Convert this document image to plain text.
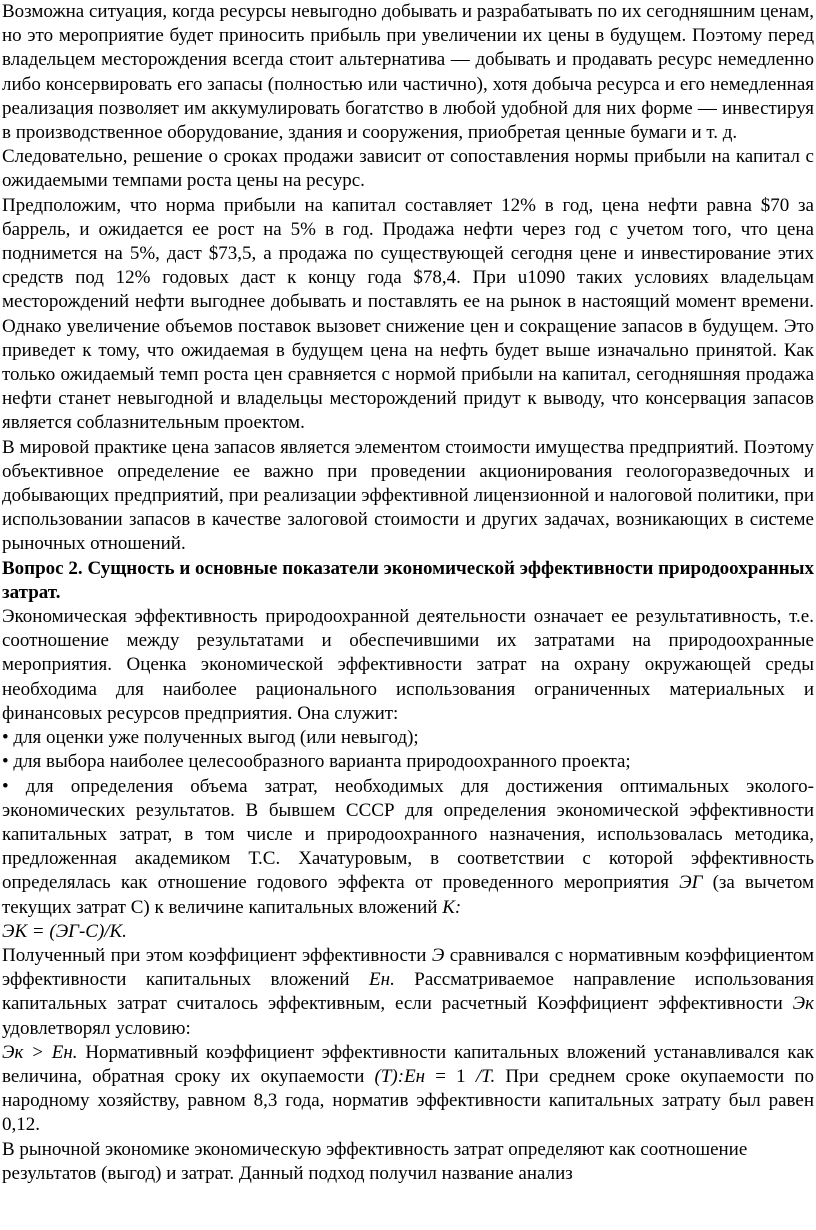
Возможна ситуация, когда ресурсы невыгодно добывать и разрабатывать по их сегодняшним ценам, но это мероприятие будет приносить прибыль при увеличении их цены в будущем. Поэтому перед владельцем месторождения всегда стоит альтернатива — добывать и продавать ресурс немедленно либо консервировать его запасы (полностью или частично), хотя добыча ресурса и его немедленная реализация позволяет им аккумулировать богатство в любой удобной для них форме — инвестируя в производственное оборудование, здания и сооружения, приобретая ценные бумаги и т. д.

Следовательно, решение о сроках продажи зависит от сопоставления нормы прибыли на капитал с ожидаемыми темпами роста цены на ресурс.

Предположим, что норма прибыли на капитал составляет 12% в год, цена нефти равна $70 за баррель, и ожидается ее рост на 5% в год. Продажа нефти через год с учетом того, что цена поднимется на 5%, даст $73,5, а продажа по существующей сегодня цене и инвестирование этих средств под 12% годовых даст к концу года $78,4. При u1090 таких условиях владельцам месторождений нефти выгоднее добывать и поставлять ее на рынок в настоящий момент времени. Однако увеличение объемов поставок вызовет снижение цен и сокращение запасов в будущем. Это приведет к тому, что ожидаемая в будущем цена на нефть будет выше изначально принятой. Как только ожидаемый темп роста цен сравняется с нормой прибыли на капитал, сегодняшняя продажа нефти станет невыгодной и владельцы месторождений придут к выводу, что консервация запасов является соблазнительным проектом.

В мировой практике цена запасов является элементом стоимости имущества предприятий. Поэтому объективное определение ее важно при проведении акционирования геологоразведочных и добывающих предприятий, при реализации эффективной лицензионной и налоговой политики, при использовании запасов в качестве залоговой стоимости и других задачах, возникающих в системе рыночных отношений.

Вопрос 2. Сущность и основные показатели экономической эффективности природоохранных затрат.

Экономическая эффективность природоохранной деятельности означает ее результативность, т.е. соотношение между результатами и обеспечившими их затратами на природоохранные мероприятия. Оценка экономической эффективности затрат на охрану окружающей среды необходима для наиболее рационального использования ограниченных материальных и финансовых ресурсов предприятия. Она служит:

• для оценки уже полученных выгод (или невыгод);

• для выбора наиболее целесообразного варианта природоохранного проекта;

• для определения объема затрат, необходимых для достижения оптимальных эколого-экономических результатов. В бывшем СССР для определения экономической эффективности капитальных затрат, в том числе и природоохранного назначения, использовалась методика, предложенная академиком Т.С. Хачатуровым, в соответствии с которой эффективность определялась как отношение годового эффекта от проведенного мероприятия ЭГ (за вычетом текущих затрат С) к величине капитальных вложений К:

ЭК = (ЭГ-С)/К.

Полученный при этом коэффициент эффективности Э сравнивался с нормативным коэффициентом эффективности капитальных вложений Ен. Рассматриваемое направление использования капитальных затрат считалось эффективным, если расчетный Коэффициент эффективности Эк удовлетворял условию:

Эк > Ен. Нормативный коэффициент эффективности капитальных вложений устанавливался как величина, обратная сроку их окупаемости (Т):Ен = 1 /Т. При среднем сроке окупаемости по народному хозяйству, равном 8,3 года, норматив эффективности капитальных затрату был равен 0,12.

В рыночной экономике экономическую эффективность затрат определяют как соотношение результатов (выгод) и затрат. Данный подход получил название анализ
